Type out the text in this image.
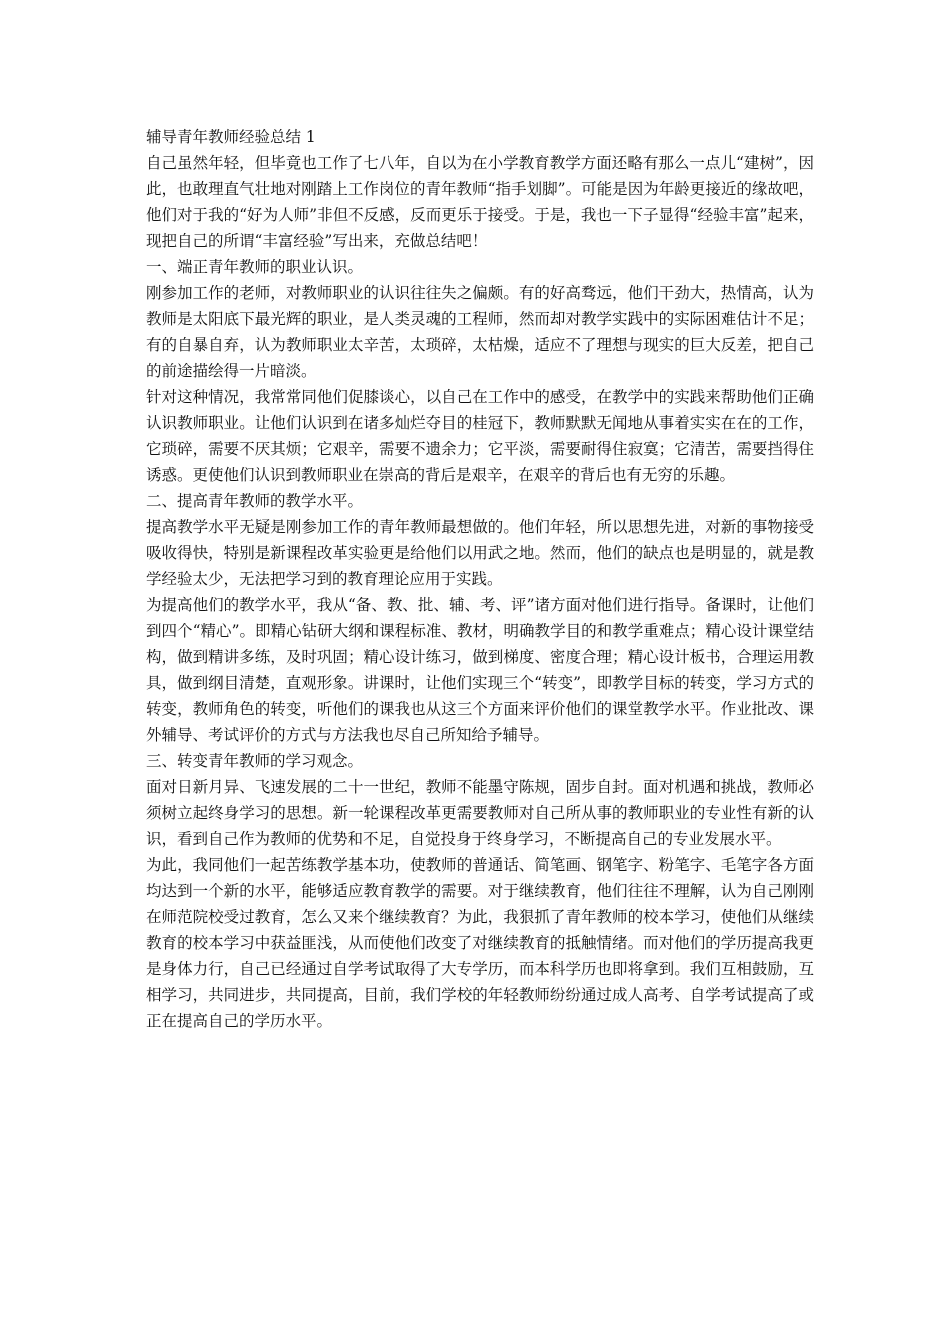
辅导青年教师经验总结 1

自己虽然年轻，但毕竟也工作了七八年，自以为在小学教育教学方面还略有那么一点儿“建树”，因此，也敢理直气壮地对刚踏上工作岗位的青年教师“指手划脚”。可能是因为年龄更接近的缘故吧，他们对于我的“好为人师”非但不反感，反而更乐于接受。于是，我也一下子显得“经验丰富”起来，现把自己的所谓“丰富经验”写出来，充做总结吧！

一、端正青年教师的职业认识。

刚参加工作的老师，对教师职业的认识往往失之偏颇。有的好高骛远，他们干劲大，热情高，认为教师是太阳底下最光辉的职业，是人类灵魂的工程师，然而却对教学实践中的实际困难估计不足；有的自暴自弃，认为教师职业太辛苦，太琐碎，太枯燥，适应不了理想与现实的巨大反差，把自己的前途描绘得一片暗淡。

针对这种情况，我常常同他们促膝谈心，以自己在工作中的感受，在教学中的实践来帮助他们正确认识教师职业。让他们认识到在诸多灿烂夺目的桂冠下，教师默默无闻地从事着实实在在的工作，它琐碎，需要不厌其烦；它艰辛，需要不遗余力；它平淡，需要耐得住寂寞；它清苦，需要挡得住诱惑。更使他们认识到教师职业在崇高的背后是艰辛，在艰辛的背后也有无穷的乐趣。

二、提高青年教师的教学水平。

提高教学水平无疑是刚参加工作的青年教师最想做的。他们年轻，所以思想先进，对新的事物接受吸收得快，特别是新课程改革实验更是给他们以用武之地。然而，他们的缺点也是明显的，就是教学经验太少，无法把学习到的教育理论应用于实践。

为提高他们的教学水平，我从“备、教、批、辅、考、评”诸方面对他们进行指导。备课时，让他们到四个“精心”。即精心钻研大纲和课程标准、教材，明确教学目的和教学重难点；精心设计课堂结构，做到精讲多练，及时巩固；精心设计练习，做到梯度、密度合理；精心设计板书，合理运用教具，做到纲目清楚，直观形象。讲课时，让他们实现三个“转变”，即教学目标的转变，学习方式的转变，教师角色的转变，听他们的课我也从这三个方面来评价他们的课堂教学水平。作业批改、课外辅导、考试评价的方式与方法我也尽自己所知给予辅导。

三、转变青年教师的学习观念。

面对日新月异、飞速发展的二十一世纪，教师不能墨守陈规，固步自封。面对机遇和挑战，教师必须树立起终身学习的思想。新一轮课程改革更需要教师对自己所从事的教师职业的专业性有新的认识，看到自己作为教师的优势和不足，自觉投身于终身学习，不断提高自己的专业发展水平。

为此，我同他们一起苦练教学基本功，使教师的普通话、简笔画、钢笔字、粉笔字、毛笔字各方面均达到一个新的水平，能够适应教育教学的需要。对于继续教育，他们往往不理解，认为自己刚刚在师范院校受过教育，怎么又来个继续教育？为此，我狠抓了青年教师的校本学习，使他们从继续教育的校本学习中获益匪浅，从而使他们改变了对继续教育的抵触情绪。而对他们的学历提高我更是身体力行，自己已经通过自学考试取得了大专学历，而本科学历也即将拿到。我们互相鼓励，互相学习，共同进步，共同提高，目前，我们学校的年轻教师纷纷通过成人高考、自学考试提高了或正在提高自己的学历水平。
